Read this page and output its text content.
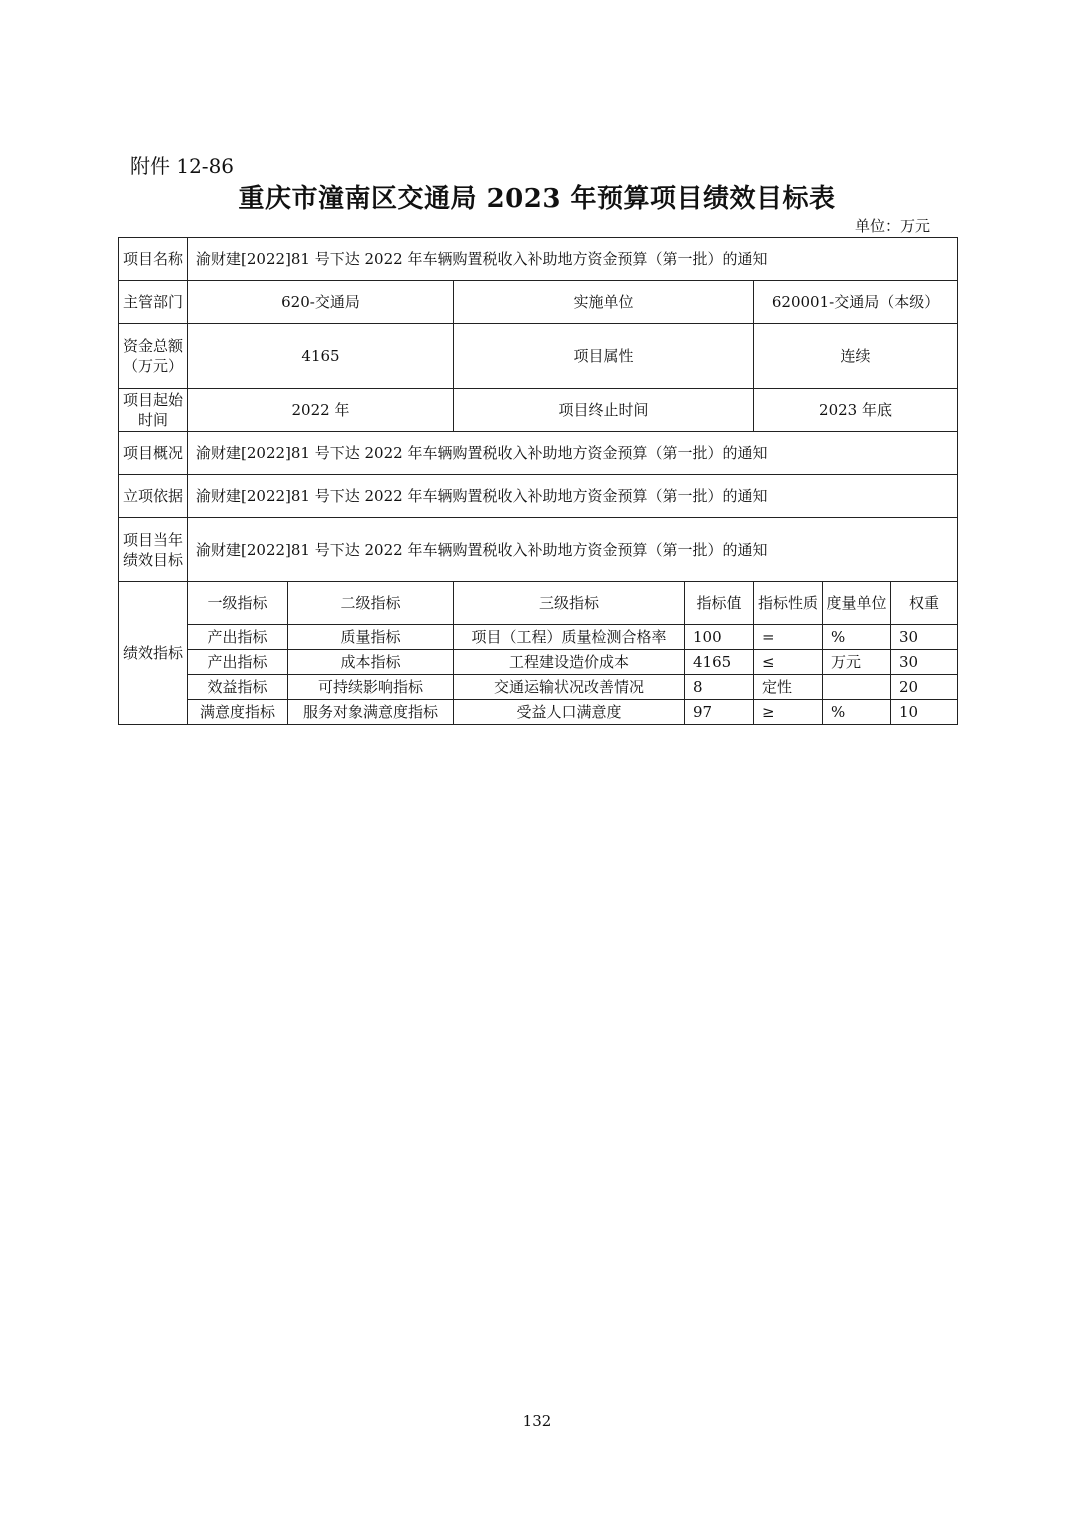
附件 12-86
重庆市潼南区交通局 2023 年预算项目绩效目标表
单位：万元
项目名称	渝财建[2022]81 号下达 2022 年车辆购置税收入补助地方资金预算（第一批）的通知						
主管部门	620-交通局		实施单位		620001-交通局（本级）		
资金总额（万元）	4165		项目属性		连续		
项目起始时间	2022 年		项目终止时间		2023 年底		
项目概况	渝财建[2022]81 号下达 2022 年车辆购置税收入补助地方资金预算（第一批）的通知						
立项依据	渝财建[2022]81 号下达 2022 年车辆购置税收入补助地方资金预算（第一批）的通知						
项目当年绩效目标	渝财建[2022]81 号下达 2022 年车辆购置税收入补助地方资金预算（第一批）的通知						
绩效指标	一级指标	二级指标	三级指标	指标值	指标性质	度量单位	权重
	产出指标	质量指标	项目（工程）质量检测合格率	100	=	%	30
	产出指标	成本指标	工程建设造价成本	4165	≤	万元	30
	效益指标	可持续影响指标	交通运输状况改善情况	8	定性		20
	满意度指标	服务对象满意度指标	受益人口满意度	97	≥	%	10
132
